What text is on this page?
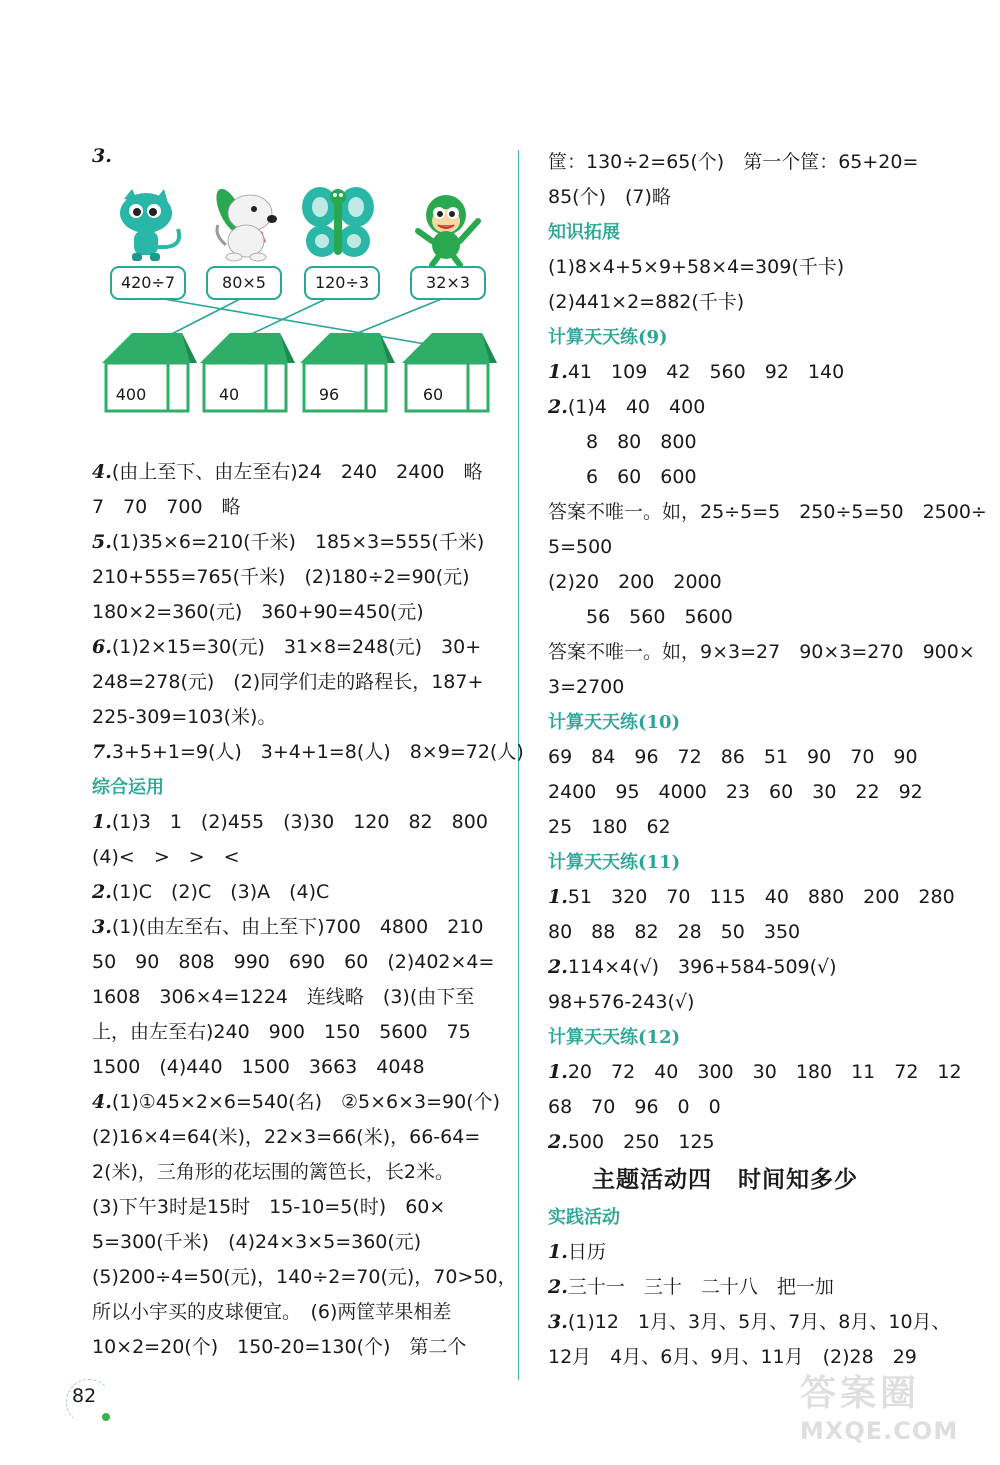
3.
420÷7	80×5	120÷3	32×3
400	40	96	60
4.(由上至下、由左至右)24　240　2400　略
7　70　700　略
5.(1)35×6=210(千米)　185×3=555(千米)
210+555=765(千米)　(2)180÷2=90(元)
180×2=360(元)　360+90=450(元)
6.(1)2×15=30(元)　31×8=248(元)　30+
248=278(元)　(2)同学们走的路程长，187+
225-309=103(米)。
7.3+5+1=9(人)　3+4+1=8(人)　8×9=72(人)
综合运用
1.(1)3　1　(2)455　(3)30　120　82　800
(4)<　>　>　<
2.(1)C　(2)C　(3)A　(4)C
3.(1)(由左至右、由上至下)700　4800　210
50　90　808　990　690　60　(2)402×4=
1608　306×4=1224　连线略　(3)(由下至
上，由左至右)240　900　150　5600　75
1500　(4)440　1500　3663　4048
4.(1)①45×2×6=540(名)　②5×6×3=90(个)
(2)16×4=64(米)，22×3=66(米)，66-64=
2(米)，三角形的花坛围的篱笆长，长2米。
(3)下午3时是15时　15-10=5(时)　60×
5=300(千米)　(4)24×3×5=360(元)
(5)200÷4=50(元)，140÷2=70(元)，70>50，
所以小宇买的皮球便宜。　(6)两筐苹果相差
10×2=20(个)　150-20=130(个)　第二个
筐：130÷2=65(个)　第一个筐：65+20=
85(个)　(7)略
知识拓展
(1)8×4+5×9+58×4=309(千卡)
(2)441×2=882(千卡)
计算天天练(9)
1.41　109　42　560　92　140
2.(1)4　40　400
8　80　800
6　60　600
答案不唯一。如，25÷5=5　250÷5=50　2500÷
5=500
(2)20　200　2000
56　560　5600
答案不唯一。如，9×3=27　90×3=270　900×
3=2700
计算天天练(10)
69　84　96　72　86　51　90　70　90
2400　95　4000　23　60　30　22　92
25　180　62
计算天天练(11)
1.51　320　70　115　40　880　200　280
80　88　82　28　50　350
2.114×4(√)　396+584-509(√)
98+576-243(√)
计算天天练(12)
1.20　72　40　300　30　180　11　72　12
68　70　96　0　0
2.500　250　125
主题活动四 时间知多少
实践活动
1.日历
2.三十一　三十　二十八　把一加
3.(1)12　1月、3月、5月、7月、8月、10月、
12月　4月、6月、9月、11月　(2)28　29
82	答案圈
MXQE.COM
